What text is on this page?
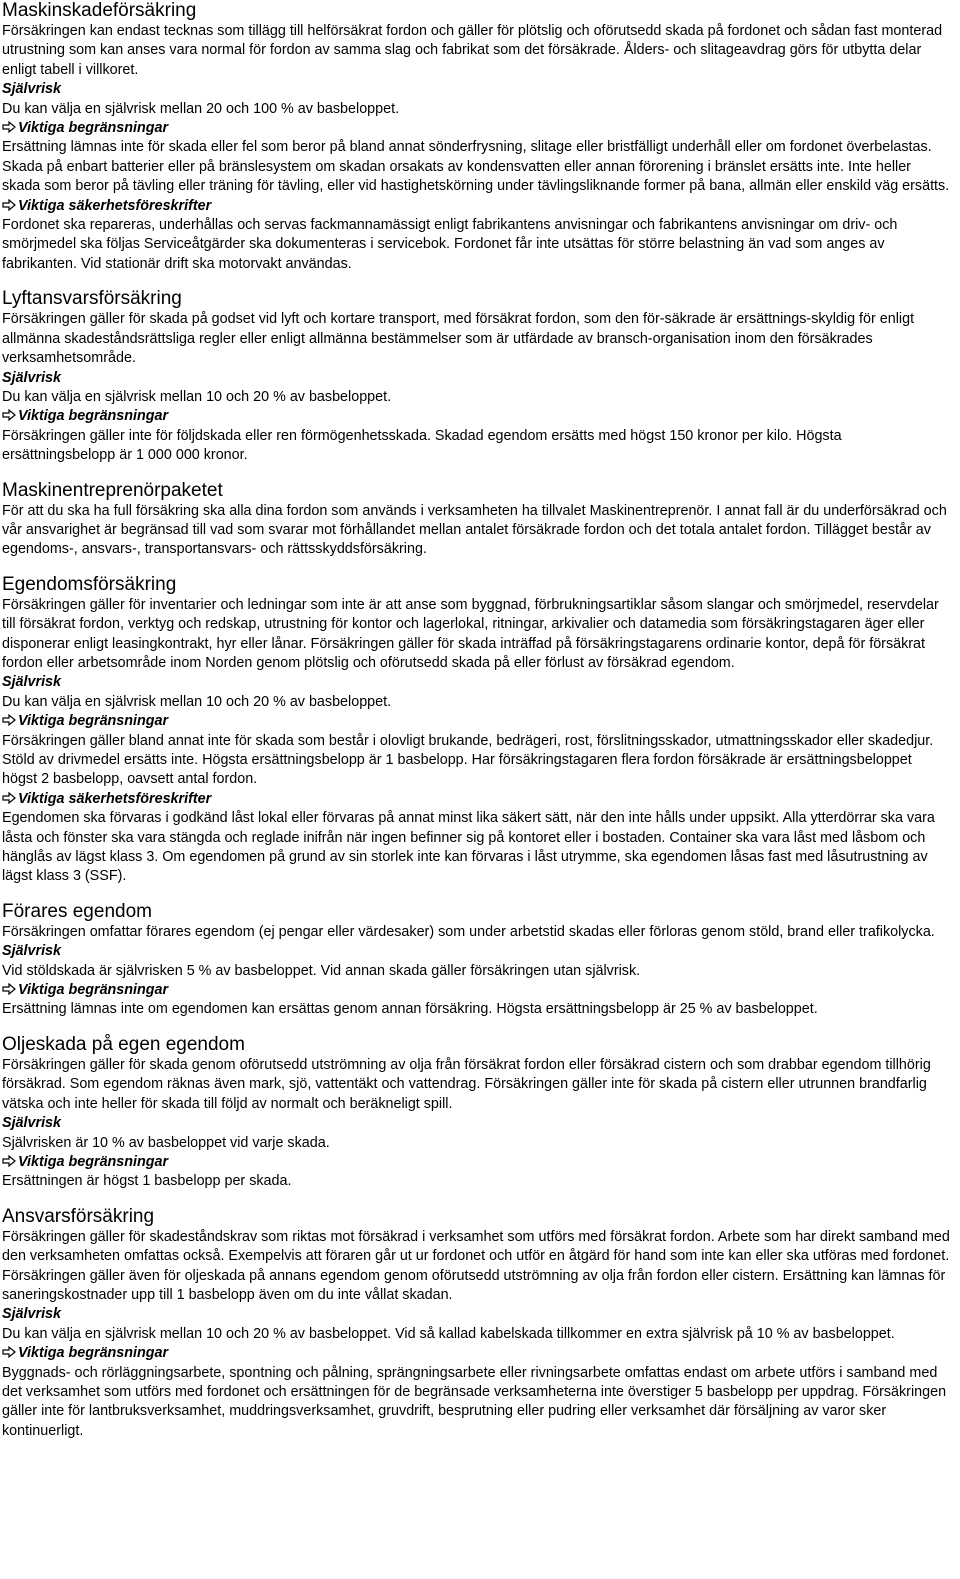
Maskinskadeförsäkring
Försäkringen kan endast tecknas som tillägg till helförsäkrat fordon och gäller för plötslig och oförutsedd skada på fordonet och sådan fast monterad utrustning som kan anses vara normal för fordon av samma slag och fabrikat som det försäkrade. Ålders- och slitageavdrag görs för utbytta delar enligt tabell i villkoret.
Självrisk
Du kan välja en självrisk mellan 20 och 100 % av basbeloppet.
Viktiga begränsningar
Ersättning lämnas inte för skada eller fel som beror på bland annat sönderfrysning, slitage eller bristfälligt underhåll eller om fordonet överbelastas. Skada på enbart batterier eller på bränslesystem om skadan orsakats av kondensvatten eller annan förorening i bränslet ersätts inte. Inte heller skada som beror på tävling eller träning för tävling, eller vid hastighetskörning under tävlingsliknande former på bana, allmän eller enskild väg ersätts.
Viktiga säkerhetsföreskrifter
Fordonet ska repareras, underhållas och servas fackmannamässigt enligt fabrikantens anvisningar och fabrikantens anvisningar om driv- och smörjmedel ska följas Serviceåtgärder ska dokumenteras i servicebok. Fordonet får inte utsättas för större belastning än vad som anges av fabrikanten. Vid stationär drift ska motorvakt användas.
Lyftansvarsförsäkring
Försäkringen gäller för skada på godset vid lyft och kortare transport, med försäkrat fordon, som den för-säkrade är ersättnings-skyldig för enligt allmänna skadeståndsrättsliga regler eller enligt allmänna bestämmelser som är utfärdade av bransch-organisation inom den försäkrades verksamhetsområde.
Självrisk
Du kan välja en självrisk mellan 10 och 20 % av basbeloppet.
Viktiga begränsningar
Försäkringen gäller inte för följdskada eller ren förmögenhetsskada. Skadad egendom ersätts med högst 150 kronor per kilo. Högsta ersättningsbelopp är 1 000 000 kronor.
Maskinentreprenörpaketet
För att du ska ha full försäkring ska alla dina fordon som används i verksamheten ha tillvalet Maskinentreprenör. I annat fall är du underförsäkrad och vår ansvarighet är begränsad till vad som svarar mot förhållandet mellan antalet försäkrade fordon och det totala antalet fordon. Tillägget består av egendoms-, ansvars-, transportansvars- och rättsskyddsförsäkring.
Egendomsförsäkring
Försäkringen gäller för inventarier och ledningar som inte är att anse som byggnad, förbrukningsartiklar såsom slangar och smörjmedel, reservdelar till försäkrat fordon, verktyg och redskap, utrustning för kontor och lagerlokal, ritningar, arkivalier och datamedia som försäkringstagaren äger eller disponerar enligt leasingkontrakt, hyr eller lånar. Försäkringen gäller för skada inträffad på försäkringstagarens ordinarie kontor, depå för försäkrat fordon eller arbetsområde inom Norden genom plötslig och oförutsedd skada på eller förlust av försäkrad egendom.
Självrisk
Du kan välja en självrisk mellan 10 och 20 % av basbeloppet.
Viktiga begränsningar
Försäkringen gäller bland annat inte för skada som består i olovligt brukande, bedrägeri, rost, förslitningsskador, utmattningsskador eller skadedjur. Stöld av drivmedel ersätts inte. Högsta ersättningsbelopp är 1 basbelopp. Har försäkringstagaren flera fordon försäkrade är ersättningsbeloppet högst 2 basbelopp, oavsett antal fordon.
Viktiga säkerhetsföreskrifter
Egendomen ska förvaras i godkänd låst lokal eller förvaras på annat minst lika säkert sätt, när den inte hålls under uppsikt. Alla ytterdörrar ska vara låsta och fönster ska vara stängda och reglade inifrån när ingen befinner sig på kontoret eller i bostaden. Container ska vara låst med låsbom och hänglås av lägst klass 3. Om egendomen på grund av sin storlek inte kan förvaras i låst utrymme, ska egendomen låsas fast med låsutrustning av lägst klass 3 (SSF).
Förares egendom
Försäkringen omfattar förares egendom (ej pengar eller värdesaker) som under arbetstid skadas eller förloras genom stöld, brand eller trafikolycka.
Självrisk
Vid stöldskada är självrisken 5 % av basbeloppet. Vid annan skada gäller försäkringen utan självrisk.
Viktiga begränsningar
Ersättning lämnas inte om egendomen kan ersättas genom annan försäkring. Högsta ersättningsbelopp är 25 % av basbeloppet.
Oljeskada på egen egendom
Försäkringen gäller för skada genom oförutsedd utströmning av olja från försäkrat fordon eller försäkrad cistern och som drabbar egendom tillhörig försäkrad. Som egendom räknas även mark, sjö, vattentäkt och vattendrag. Försäkringen gäller inte för skada på cistern eller utrunnen brandfarlig vätska och inte heller för skada till följd av normalt och beräkneligt spill.
Självrisk
Självrisken är 10 % av basbeloppet vid varje skada.
Viktiga begränsningar
Ersättningen är högst 1 basbelopp per skada.
Ansvarsförsäkring
Försäkringen gäller för skadeståndskrav som riktas mot försäkrad i verksamhet som utförs med försäkrat fordon. Arbete som har direkt samband med den verksamheten omfattas också. Exempelvis att föraren går ut ur fordonet och utför en åtgärd för hand som inte kan eller ska utföras med fordonet. Försäkringen gäller även för oljeskada på annans egendom genom oförutsedd utströmning av olja från fordon eller cistern. Ersättning kan lämnas för saneringskostnader upp till 1 basbelopp även om du inte vållat skadan.
Självrisk
Du kan välja en självrisk mellan 10 och 20 % av basbeloppet. Vid så kallad kabelskada tillkommer en extra självrisk på 10 % av basbeloppet.
Viktiga begränsningar
Byggnads- och rörläggningsarbete, spontning och pålning, sprängningsarbete eller rivningsarbete omfattas endast om arbete utförs i samband med det verksamhet som utförs med fordonet och ersättningen för de begränsade verksamheterna inte överstiger 5 basbelopp per uppdrag. Försäkringen gäller inte för lantbruksverksamhet, muddringsverksamhet, gruvdrift, besprutning eller pudring eller verksamhet där försäljning av varor sker kontinuerligt.
